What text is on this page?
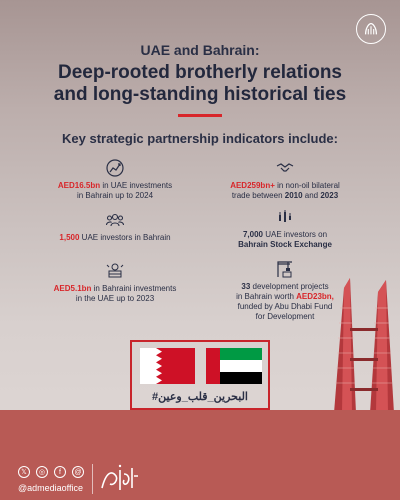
UAE and Bahrain:
Deep-rooted brotherly relations
and long-standing historical ties
Key strategic partnership indicators include:
AED16.5bn in UAE investments
in Bahrain up to 2024
AED259bn+ in non-oil bilateral
trade between 2010 and 2023
1,500 UAE investors in Bahrain	7,000 UAE investors on
Bahrain Stock Exchange
AED5.1bn in Bahraini investments
in the UAE up to 2023
33 development projects
in Bahrain worth AED23bn,
funded by Abu Dhabi Fund
for Development
#البحرين_قلب_وعين
𝕏	◎	f	@
@admediaoffice
